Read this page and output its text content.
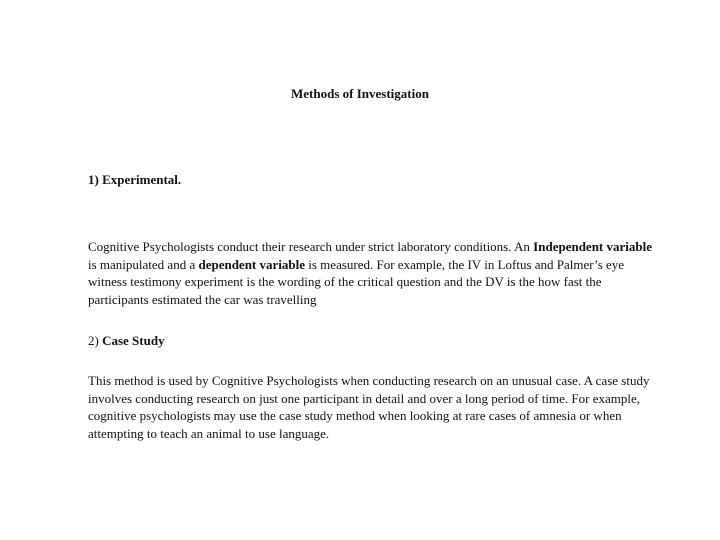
Methods of Investigation
1) Experimental.
Cognitive Psychologists conduct their research under strict laboratory conditions. An Independent variable is manipulated and a dependent variable is measured. For example, the IV in Loftus and Palmer’s eye witness testimony experiment is the wording of the critical question and the DV is the how fast the participants estimated the car was travelling
2) Case Study
This method is used by Cognitive Psychologists when conducting research on an unusual case. A case study involves conducting research on just one participant in detail and over a long period of time. For example, cognitive psychologists may use the case study method when looking at rare cases of amnesia or when attempting to teach an animal to use language.
